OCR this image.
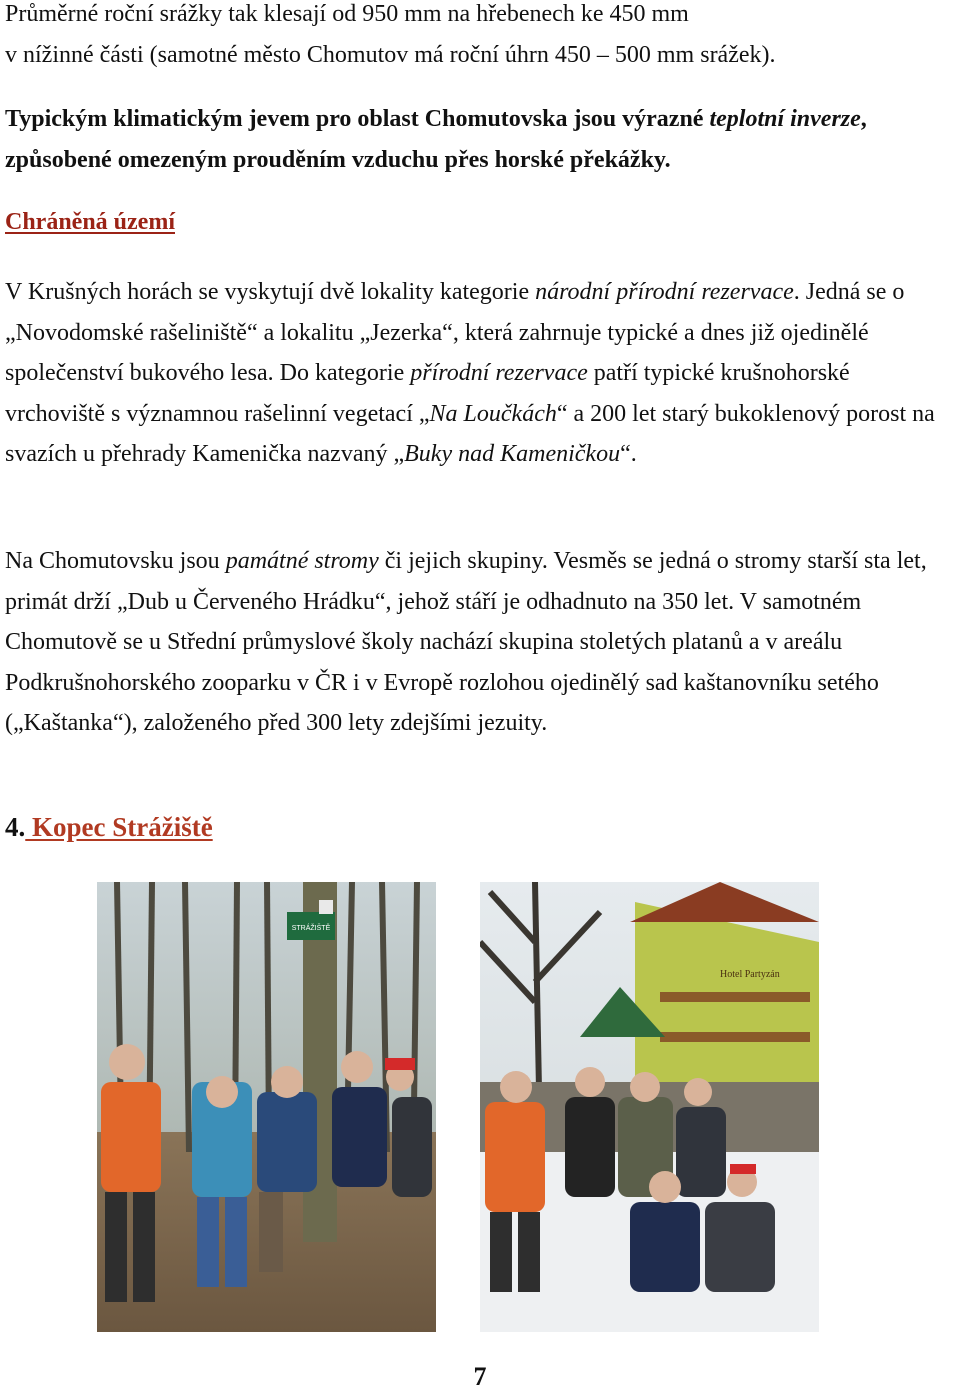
Průměrné roční srážky tak klesají od 950 mm na hřebenech ke 450 mm
v nížinné části (samotné město Chomutov má roční úhrn 450 – 500 mm srážek).

Typickým klimatickým jevem pro oblast Chomutovska jsou výrazné teplotní inverze, způsobené omezeným prouděním vzduchu přes horské překážky.

Chráněná území

V Krušných horách se vyskytují dvě lokality kategorie národní přírodní rezervace. Jedná se o „Novodomské rašeliniště“ a lokalitu „Jezerka“, která zahrnuje typické a dnes již ojedinělé společenství bukového lesa. Do kategorie přírodní rezervace patří typické krušnohorské vrchoviště s významnou rašelinní vegetací „Na Loučkách“ a 200 let starý bukoklenový porost na svazích u přehrady Kamenička nazvaný „Buky nad Kameničkou“.

Na Chomutovsku jsou památné stromy či jejich skupiny. Vesměs se jedná o stromy starší sta let, primát drží „Dub u Červeného Hrádku“, jehož stáří je odhadnuto na 350 let. V samotném Chomutově se u Střední průmyslové školy nachází skupina stoletých platanů a v areálu Podkrušnohorského zooparku v ČR i v Evropě rozlohou ojedinělý sad kaštanovníku setého („Kaštanka“), založeného před 300 lety zdejšími jezuity.

4. Kopec Strážiště
STRÁŽIŠTĚ
Hotel Partyzán
7
